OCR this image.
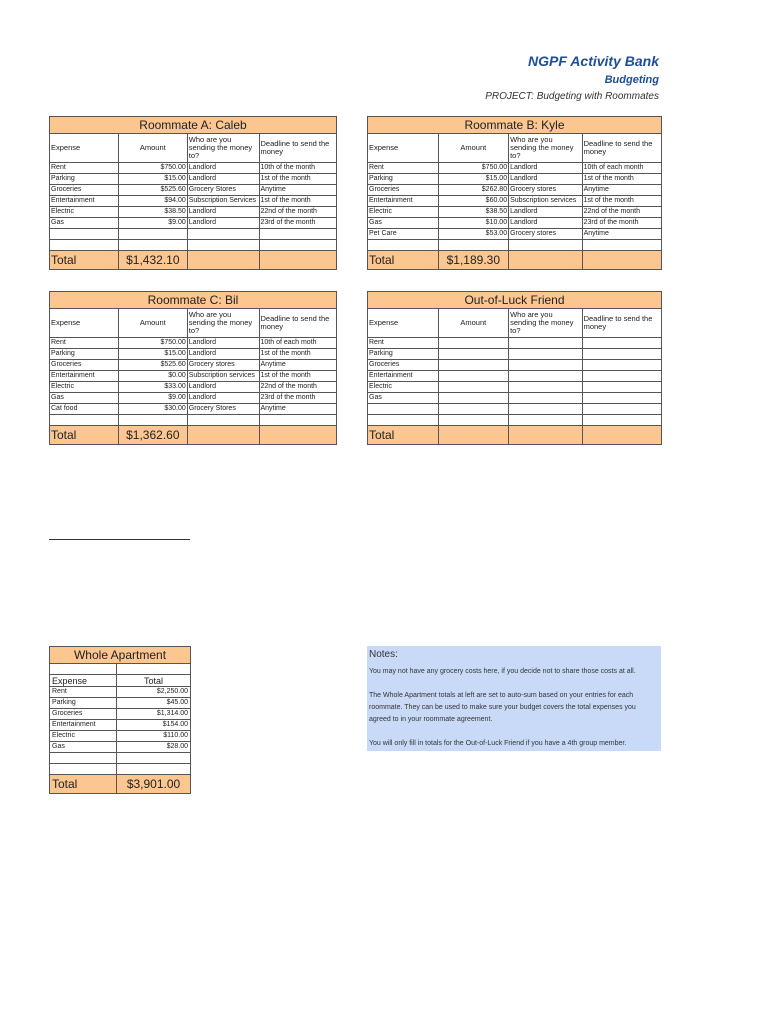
NGPF Activity Bank
Budgeting
PROJECT: Budgeting with Roommates
Roommate A: Caleb			
Expense	Amount	Who are you sending the money to?	Deadline to send the money
Rent	$750.00	Landlord	10th of the month
Parking	$15.00	Landlord	1st of the month
Groceries	$525.60	Grocery Stores	Anytime
Entertainment	$94.00	Subscription Services	1st of the month
Electric	$38.50	Landlord	22nd of the month
Gas	$9.00	Landlord	23rd of the month

Total	$1,432.10		
Roommate B: Kyle			
Expense	Amount	Who are you sending the money to?	Deadline to send the money
Rent	$750.00	Landlord	10th of each month
Parking	$15.00	Landlord	1st of the month
Groceries	$262.80	Grocery stores	Anytime
Entertainment	$60.00	Subscription services	1st of the month
Electric	$38.50	Landlord	22nd of the month
Gas	$10.00	Landlord	23rd of the month
Pet Care	$53.00	Grocery stores	Anytime

Total	$1,189.30		
Roommate C: Bil			
Expense	Amount	Who are you sending the money to?	Deadline to send the money
Rent	$750.00	Landlord	10th of each moth
Parking	$15.00	Landlord	1st of the month
Groceries	$525.60	Grocery stores	Anytime
Entertainment	$0.00	Subscription services	1st of the month
Electric	$33.00	Landlord	22nd of the month
Gas	$9.00	Landlord	23rd of the month
Cat food	$30.00	Grocery Stores	Anytime

Total	$1,362.60		
Out-of-Luck Friend			
Expense	Amount	Who are you sending the money to?	Deadline to send the money
Rent			
Parking			
Groceries			
Entertainment			
Electric			
Gas			

Total			
Whole Apartment	

Expense	Total
Rent	$2,250.00
Parking	$45.00
Groceries	$1,314.00
Entertainment	$154.00
Electric	$110.00
Gas	$28.00

Total	$3,901.00
Notes:

You may not have any grocery costs here, if you decide not to share those costs at all.

The Whole Apartment totals at left are set to auto-sum based on your entries for each roommate. They can be used to make sure your budget covers the total expenses you agreed to in your roommate agreement.

You will only fill in totals for the Out-of-Luck Friend if you have a 4th group member.
